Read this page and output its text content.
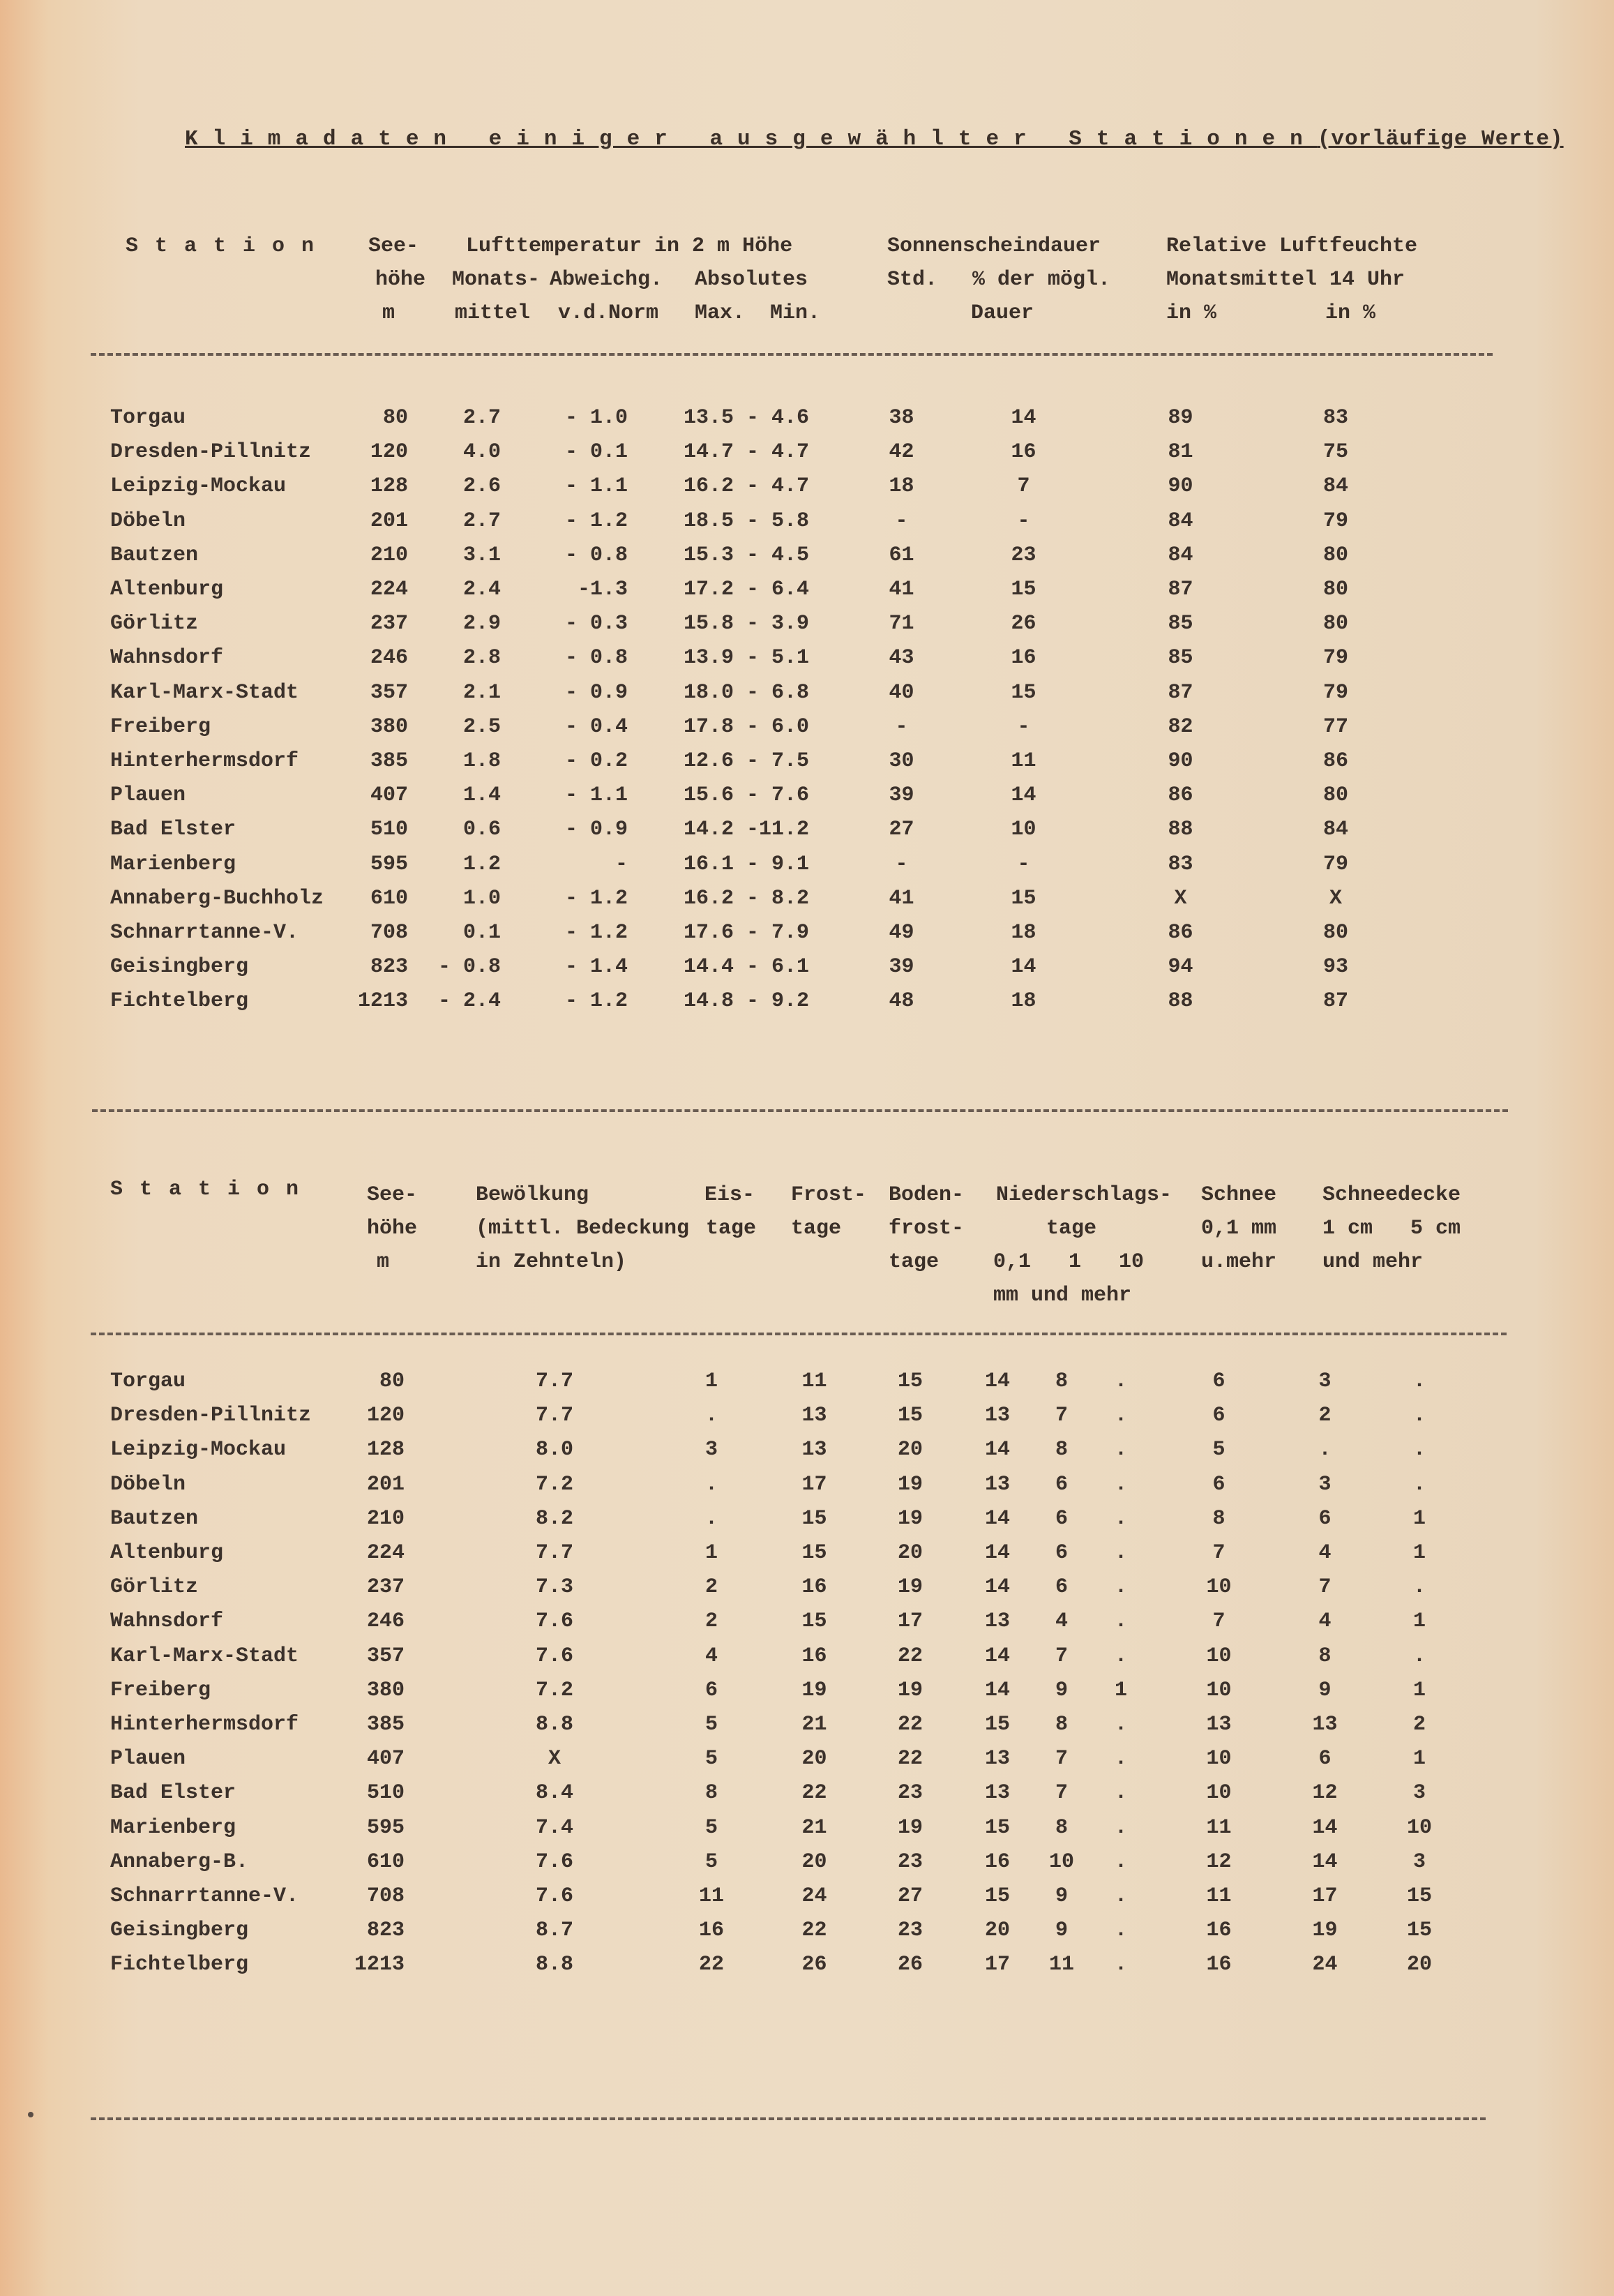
Klimadaten einiger ausgewählter Stationen(vorläufige Werte)
Station See-
höhe
m
Lufttemperatur in 2 m Höhe
Monats-
mittel
Abweichg.
v.d.Norm
Absolutes
Max.  Min.
Sonnenscheindauer
Std. % der mögl.
Dauer
Relative Luftfeuchte
Monatsmittel 14 Uhr
in %	in %
Torgau	80	2.7	- 1.0	13.5 - 4.6	38	14	89	83
Dresden-Pillnitz	120	4.0	- 0.1	14.7 - 4.7	42	16	81	75
Leipzig-Mockau	128	2.6	- 1.1	16.2 - 4.7	18	7	90	84
Döbeln	201	2.7	- 1.2	18.5 - 5.8	-	-	84	79
Bautzen	210	3.1	- 0.8	15.3 - 4.5	61	23	84	80
Altenburg	224	2.4	-1.3	17.2 - 6.4	41	15	87	80
Görlitz	237	2.9	- 0.3	15.8 - 3.9	71	26	85	80
Wahnsdorf	246	2.8	- 0.8	13.9 - 5.1	43	16	85	79
Karl-Marx-Stadt	357	2.1	- 0.9	18.0 - 6.8	40	15	87	79
Freiberg	380	2.5	- 0.4	17.8 - 6.0	-	-	82	77
Hinterhermsdorf	385	1.8	- 0.2	12.6 - 7.5	30	11	90	86
Plauen	407	1.4	- 1.1	15.6 - 7.6	39	14	86	80
Bad Elster	510	0.6	- 0.9	14.2 -11.2	27	10	88	84
Marienberg	595	1.2	-	16.1 - 9.1	-	-	83	79
Annaberg-Buchholz	610	1.0	- 1.2	16.2 - 8.2	41	15	X	X
Schnarrtanne-V.	708	0.1	- 1.2	17.6 - 7.9	49	18	86	80
Geisingberg	823	- 0.8	- 1.4	14.4 - 6.1	39	14	94	93
Fichtelberg	1213	- 2.4	- 1.2	14.8 - 9.2	48	18	88	87
Station See-
höhe
m
Bewölkung
(mittl. Bedeckung
in Zehnteln)
Eis-
tage
Frost-
tage
Boden-
frost-
tage
Niederschlags-
tage
0,1   1   10
mm und mehr
Schnee
0,1 mm
u.mehr
Schneedecke
1 cm   5 cm
und mehr
Torgau	80	7.7	1	11	15	14	8	.	6	3	.
Dresden-Pillnitz	120	7.7	.	13	15	13	7	.	6	2	.
Leipzig-Mockau	128	8.0	3	13	20	14	8	.	5	.	.
Döbeln	201	7.2	.	17	19	13	6	.	6	3	.
Bautzen	210	8.2	.	15	19	14	6	.	8	6	1
Altenburg	224	7.7	1	15	20	14	6	.	7	4	1
Görlitz	237	7.3	2	16	19	14	6	.	10	7	.
Wahnsdorf	246	7.6	2	15	17	13	4	.	7	4	1
Karl-Marx-Stadt	357	7.6	4	16	22	14	7	.	10	8	.
Freiberg	380	7.2	6	19	19	14	9	1	10	9	1
Hinterhermsdorf	385	8.8	5	21	22	15	8	.	13	13	2
Plauen	407	X	5	20	22	13	7	.	10	6	1
Bad Elster	510	8.4	8	22	23	13	7	.	10	12	3
Marienberg	595	7.4	5	21	19	15	8	.	11	14	10
Annaberg-B.	610	7.6	5	20	23	16	10	.	12	14	3
Schnarrtanne-V.	708	7.6	11	24	27	15	9	.	11	17	15
Geisingberg	823	8.7	16	22	23	20	9	.	16	19	15
Fichtelberg	1213	8.8	22	26	26	17	11	.	16	24	20
